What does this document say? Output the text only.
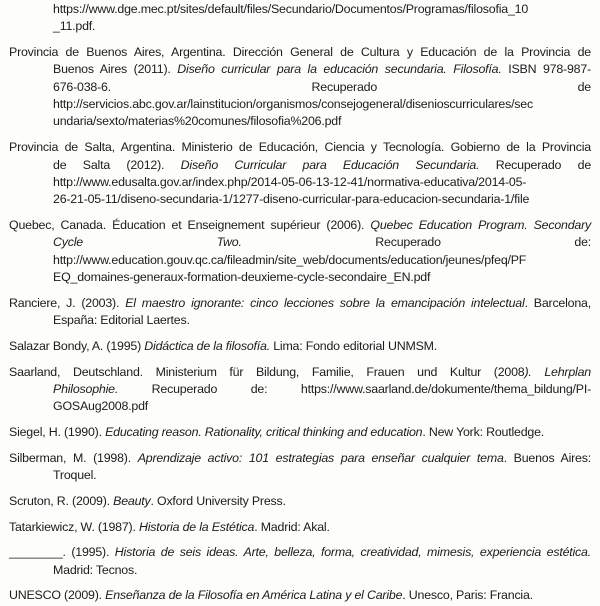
https://www.dge.mec.pt/sites/default/files/Secundario/Documentos/Programas/filosofia_10
_11.pdf.
Provincia de Buenos Aires, Argentina. Dirección General de Cultura y Educación de la Provincia de
Buenos Aires (2011). Diseño curricular para la educación secundaria. Filosofía. ISBN 978-987-
676-038-6. Recuperado de
http://servicios.abc.gov.ar/lainstitucion/organismos/consejogeneral/disenioscurriculares/sec
undaria/sexto/materias%20comunes/filosofia%206.pdf
Provincia de Salta, Argentina. Ministerio de Educación, Ciencia y Tecnología. Gobierno de la Provincia
de Salta (2012). Diseño Curricular para Educación Secundaria. Recuperado de
http://www.edusalta.gov.ar/index.php/2014-05-06-13-12-41/normativa-educativa/2014-05-
26-21-05-11/diseno-secundaria-1/1277-diseno-curricular-para-educacion-secundaria-1/file
Quebec, Canada. Éducation et Enseignement supérieur (2006). Quebec Education Program. Secondary
Cycle Two. Recuperado de:
http://www.education.gouv.qc.ca/fileadmin/site_web/documents/education/jeunes/pfeq/PF
EQ_domaines-generaux-formation-deuxieme-cycle-secondaire_EN.pdf
Ranciere, J. (2003). El maestro ignorante: cinco lecciones sobre la emancipación intelectual. Barcelona,
España: Editorial Laertes.
Salazar Bondy, A. (1995) Didáctica de la filosofía. Lima: Fondo editorial UNMSM.
Saarland, Deutschland. Ministerium für Bildung, Familie, Frauen und Kultur (2008). Lehrplan
Philosophie. Recuperado de: https://www.saarland.de/dokumente/thema_bildung/PI-
GOSAug2008.pdf
Siegel, H. (1990). Educating reason. Rationality, critical thinking and education. New York: Routledge.
Silberman, M. (1998). Aprendizaje activo: 101 estrategias para enseñar cualquier tema. Buenos Aires:
Troquel.
Scruton, R. (2009). Beauty. Oxford University Press.
Tatarkiewicz, W. (1987). Historia de la Estética. Madrid: Akal.
________. (1995). Historia de seis ideas. Arte, belleza, forma, creatividad, mimesis, experiencia estética.
Madrid: Tecnos.
UNESCO (2009). Enseñanza de la Filosofía en América Latina y el Caribe. Unesco, Paris: Francia.
